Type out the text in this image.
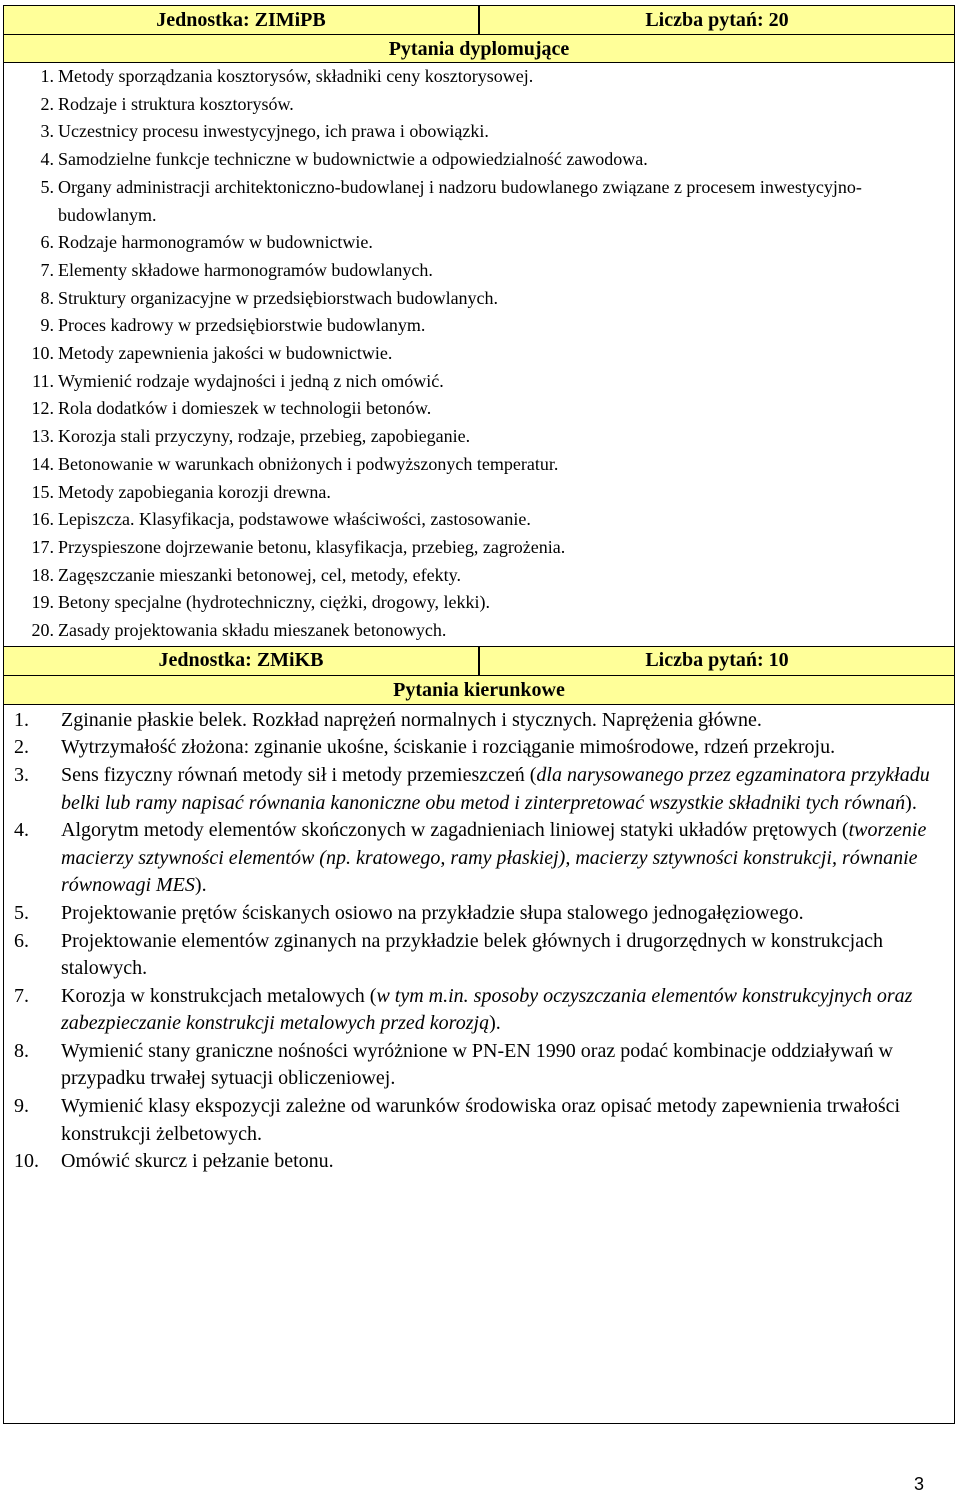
Jednostka: ZIMiPB	Liczba pytań: 20
Pytania dyplomujące
1. Metody sporządzania kosztorysów, składniki ceny kosztorysowej.
2. Rodzaje i struktura kosztorysów.
3. Uczestnicy procesu inwestycyjnego, ich prawa i obowiązki.
4. Samodzielne funkcje techniczne w budownictwie a odpowiedzialność zawodowa.
5. Organy administracji architektoniczno-budowlanej i nadzoru budowlanego związane z procesem inwestycyjno-budowlanym.
6. Rodzaje harmonogramów w budownictwie.
7. Elementy składowe harmonogramów budowlanych.
8. Struktury organizacyjne w przedsiębiorstwach budowlanych.
9. Proces kadrowy w przedsiębiorstwie budowlanym.
10. Metody zapewnienia jakości w budownictwie.
11. Wymienić rodzaje wydajności i jedną z nich omówić.
12. Rola dodatków i domieszek w technologii betonów.
13. Korozja stali przyczyny, rodzaje, przebieg, zapobieganie.
14. Betonowanie w warunkach obniżonych i podwyższonych temperatur.
15. Metody zapobiegania korozji drewna.
16. Lepiszcza. Klasyfikacja, podstawowe właściwości, zastosowanie.
17. Przyspieszone dojrzewanie betonu, klasyfikacja, przebieg, zagrożenia.
18. Zagęszczanie mieszanki betonowej, cel, metody, efekty.
19. Betony specjalne (hydrotechniczny, ciężki, drogowy, lekki).
20. Zasady projektowania składu mieszanek betonowych.
Jednostka: ZMiKB	Liczba pytań: 10
Pytania kierunkowe
1.	Zginanie płaskie belek. Rozkład naprężeń normalnych i stycznych. Naprężenia główne.
2.	Wytrzymałość złożona: zginanie ukośne, ściskanie i rozciąganie mimośrodowe, rdzeń przekroju.
3.	Sens fizyczny równań metody sił i metody przemieszczeń (dla narysowanego przez egzaminatora przykładu belki lub ramy napisać równania kanoniczne obu metod i zinterpretować wszystkie składniki tych równań).
4.	Algorytm metody elementów skończonych w zagadnieniach liniowej statyki układów prętowych (tworzenie macierzy sztywności elementów (np. kratowego, ramy płaskiej), macierzy sztywności konstrukcji, równanie równowagi MES).
5.	Projektowanie prętów ściskanych osiowo na przykładzie słupa stalowego jednogałęziowego.
6.	Projektowanie elementów zginanych na przykładzie belek głównych i drugorzędnych w konstrukcjach stalowych.
7.	Korozja w konstrukcjach metalowych (w tym m.in. sposoby oczyszczania elementów konstrukcyjnych oraz zabezpieczanie konstrukcji metalowych przed korozją).
8.	Wymienić stany graniczne nośności wyróżnione w PN-EN 1990 oraz podać kombinacje oddziaływań w przypadku trwałej sytuacji obliczeniowej.
9.	Wymienić klasy ekspozycji zależne od warunków środowiska oraz opisać metody zapewnienia trwałości konstrukcji żelbetowych.
10.	Omówić skurcz i pełzanie betonu.
3
